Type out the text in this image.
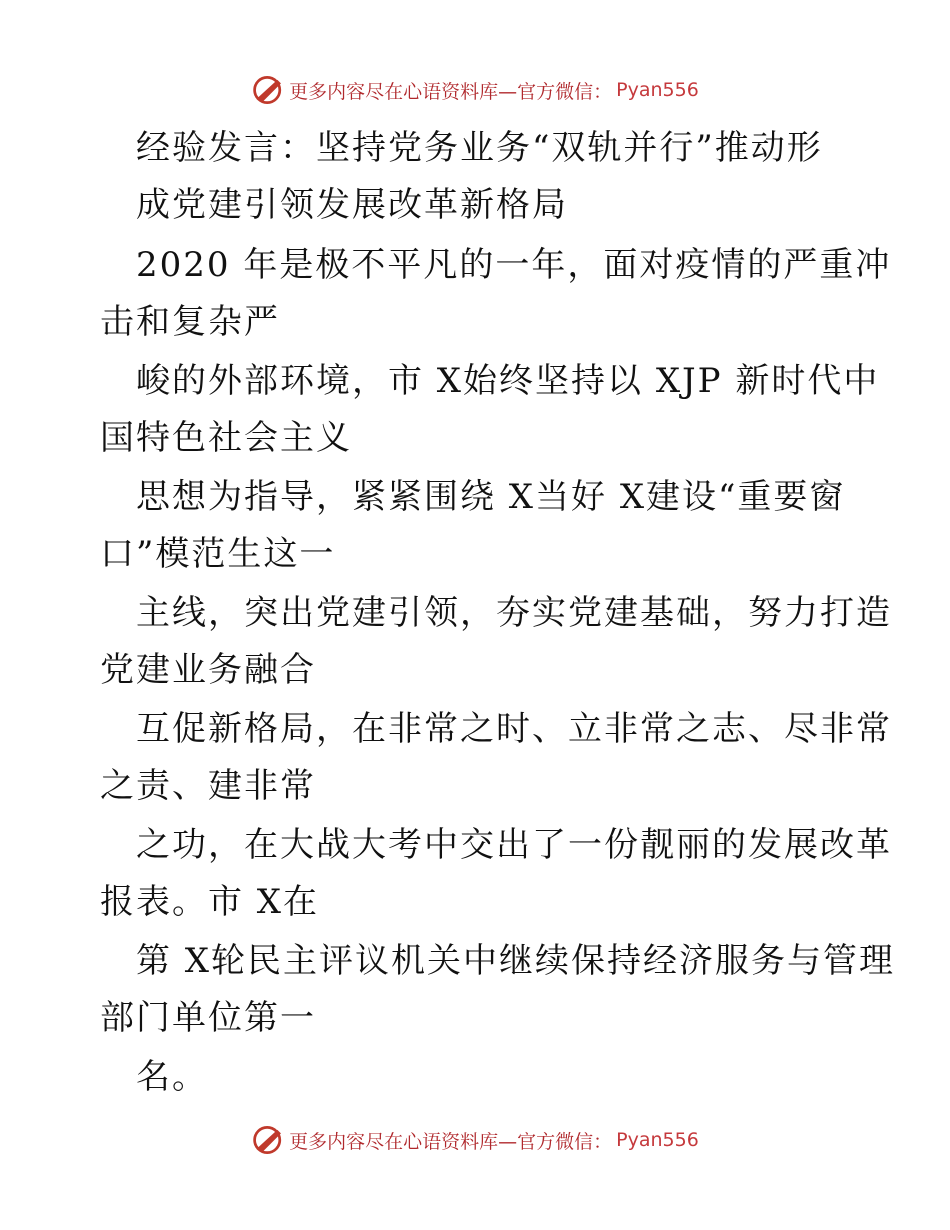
更多内容尽在心语资料库—官方微信： Pyan556
经验发言：坚持党务业务“双轨并行”推动形
成党建引领发展改革新格局
2020 年是极不平凡的一年，面对疫情的严重冲
击和复杂严
峻的外部环境，市 X始终坚持以 XJP 新时代中
国特色社会主义
思想为指导，紧紧围绕 X当好 X建设“重要窗
口”模范生这一
主线，突出党建引领，夯实党建基础，努力打造
党建业务融合
互促新格局，在非常之时、立非常之志、尽非常
之责、建非常
之功，在大战大考中交出了一份靓丽的发展改革
报表。市 X在
第 X轮民主评议机关中继续保持经济服务与管理
部门单位第一
名。
更多内容尽在心语资料库—官方微信： Pyan556
